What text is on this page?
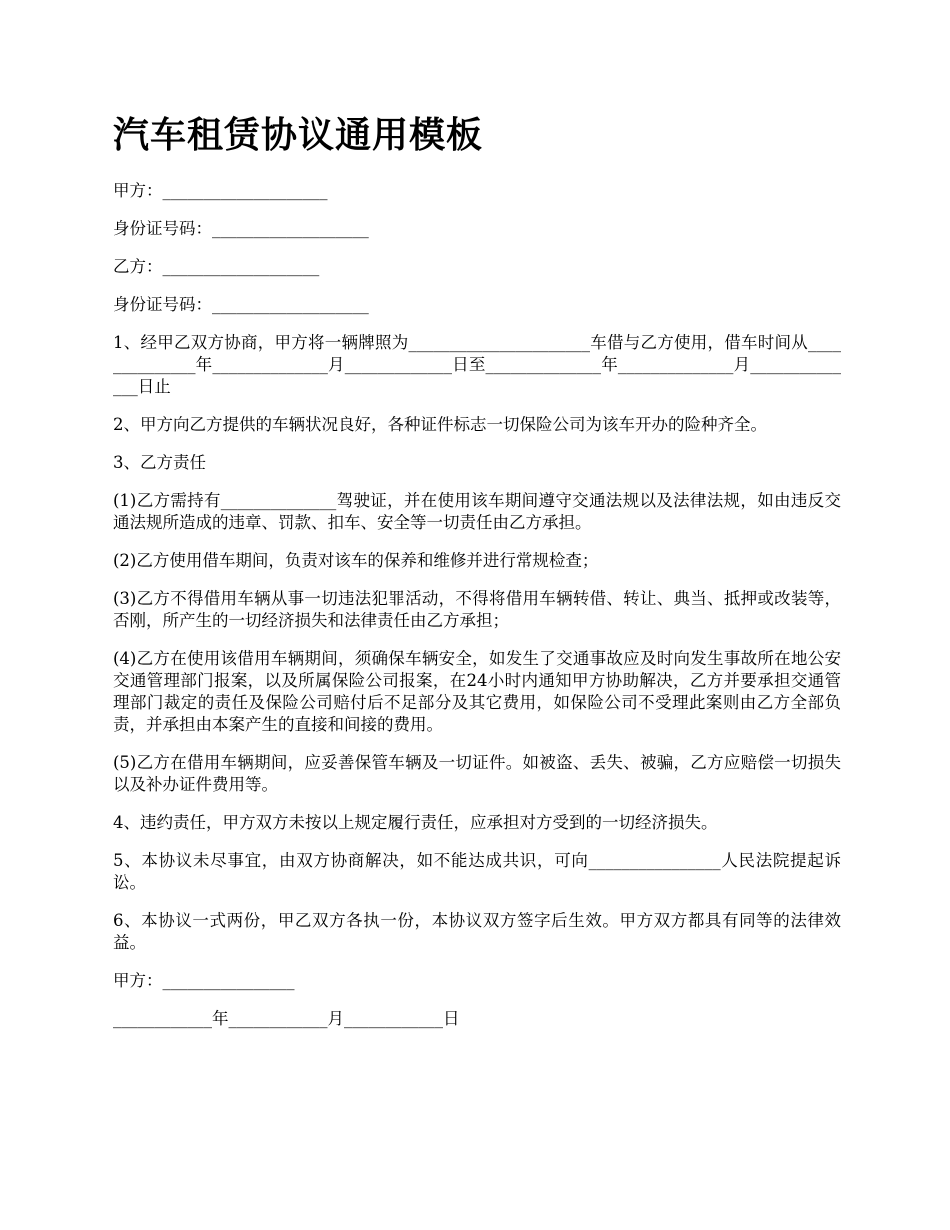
汽车租赁协议通用模板

甲方：____________________

身份证号码：___________________

乙方：___________________

身份证号码：___________________

1、经甲乙双方协商，甲方将一辆牌照为______________________车借与乙方使用，借车时间从______________年______________月_____________日至______________年______________月______________日止

2、甲方向乙方提供的车辆状况良好，各种证件标志一切保险公司为该车开办的险种齐全。

3、乙方责任

(1)乙方需持有______________驾驶证，并在使用该车期间遵守交通法规以及法律法规，如由违反交通法规所造成的违章、罚款、扣车、安全等一切责任由乙方承担。

(2)乙方使用借车期间，负责对该车的保养和维修并进行常规检查；

(3)乙方不得借用车辆从事一切违法犯罪活动，不得将借用车辆转借、转让、典当、抵押或改装等，否刚，所产生的一切经济损失和法律责任由乙方承担；

(4)乙方在使用该借用车辆期间，须确保车辆安全，如发生了交通事故应及时向发生事故所在地公安交通管理部门报案，以及所属保险公司报案，在24小时内通知甲方协助解决，乙方并要承担交通管理部门裁定的责任及保险公司赔付后不足部分及其它费用，如保险公司不受理此案则由乙方全部负责，并承担由本案产生的直接和间接的费用。

(5)乙方在借用车辆期间，应妥善保管车辆及一切证件。如被盗、丢失、被骗，乙方应赔偿一切损失以及补办证件费用等。

4、违约责任，甲方双方未按以上规定履行责任，应承担对方受到的一切经济损失。

5、本协议未尽事宜，由双方协商解决，如不能达成共识，可向________________人民法院提起诉讼。

6、本协议一式两份，甲乙双方各执一份，本协议双方签字后生效。甲方双方都具有同等的法律效益。

甲方：________________

____________年____________月____________日
